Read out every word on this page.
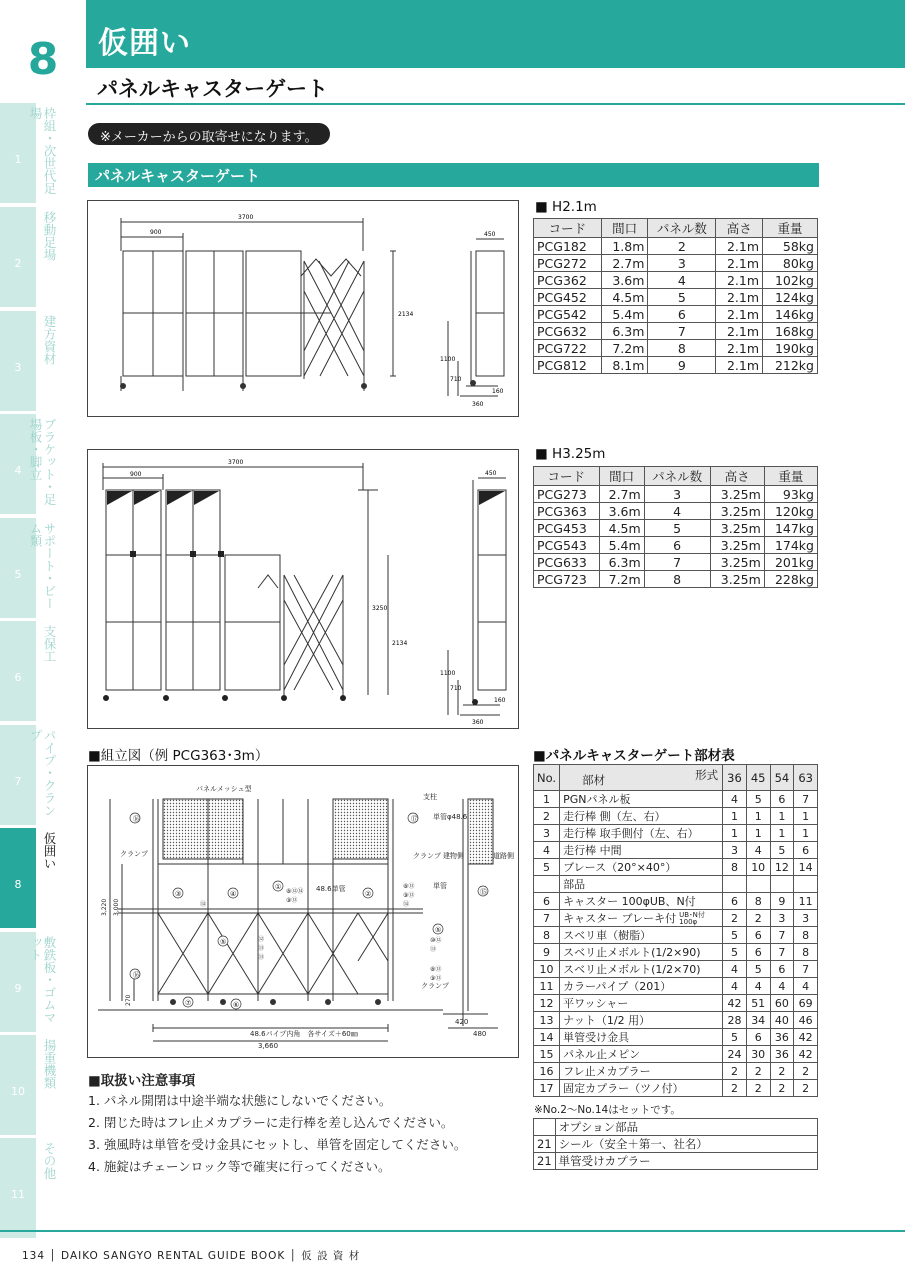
8	仮囲い
パネルキャスターゲート
1	枠組・次世代足場
2
移動足場
3
建方資材
4	ブラケット・足場板・脚立
5	サポート・ビーム類
6
支保工
7	パイプ・クランプ
8
仮囲い
9	敷鉄板・ゴムマット
10
揚重機類
11
その他
※メーカーからの取寄せになります。
パネルキャスターゲート
3700
900
2134
450
1100
710
160
360
3700
900
3250
2134
450
1100
710
160
360
■ H2.1m
コード	間口	パネル数	高さ	重量
PCG182	1.8m	2	2.1m	58kg
PCG272	2.7m	3	2.1m	80kg
PCG362	3.6m	4	2.1m	102kg
PCG452	4.5m	5	2.1m	124kg
PCG542	5.4m	6	2.1m	146kg
PCG632	6.3m	7	2.1m	168kg
PCG722	7.2m	8	2.1m	190kg
PCG812	8.1m	9	2.1m	212kg
■ H3.25m
コード	間口	パネル数	高さ	重量
PCG273	2.7m	3	3.25m	93kg
PCG363	3.6m	4	3.25m	120kg
PCG453	4.5m	5	3.25m	147kg
PCG543	5.4m	6	3.25m	174kg
PCG633	6.3m	7	3.25m	201kg
PCG723	7.2m	8	3.25m	228kg
■組立図（例 PCG363･3m）
パネルメッシュ型
支柱
単管φ48.6
クランプ 建物側	道路側
単管
クランプ
クランプ
48.6単管
48.6パイプ内角　各サイズ＋60㎜
3,660
420
480
3,220 3,000
270
⑯	⑰
③	④
①
②
⑤
⑦	⑥
⑯
⑮
⑤
⑧⑫⑭
⑨⑬
⑧⑬
⑨⑬
⑭
⑭
⑫
⑬
⑬
⑩⑫
⑬
⑧⑬
⑨⑬
■パネルキャスターゲート部材表
No.	部材 形式	36	45	54	63
1	PGNパネル板	4	5	6	7
2	走行棒 側（左、右）	1	1	1	1
3	走行棒 取手側付（左、右）	1	1	1	1
4	走行棒 中間	3	4	5	6
5	ブレース（20°×40°）	8	10	12	14
	部品				
6	キャスター 100φUB、N付	6	8	9	11
7	キャスター ブレーキ付 UB･N付
100φ	2	2	3	3
8	スベリ車（樹脂）	5	6	7	8
9	スベリ止メボルト(1/2×90)	5	6	7	8
10	スベリ止メボルト(1/2×70)	4	5	6	7
11	カラーパイプ（201）	4	4	4	4
12	平ワッシャー	42	51	60	69
13	ナット（1/2 用）	28	34	40	46
14	単管受け金具	5	6	36	42
15	パネル止メピン	24	30	36	42
16	フレ止メカプラー	2	2	2	2
17	固定カプラー（ツノ付）	2	2	2	2
※No.2〜No.14はセットです。
	オプション部品
21	シール（安全＋第一、社名）
21	単管受けカプラー
■取扱い注意事項
1. パネル開閉は中途半端な状態にしないでください。
2. 閉じた時はフレ止メカプラーに走行棒を差し込んでください。
3. 強風時は単管を受け金具にセットし、単管を固定してください。
4. 施錠はチェーンロック等で確実に行ってください。
134 │ DAIKO SANGYO RENTAL GUIDE BOOK │ 仮 設 資 材
